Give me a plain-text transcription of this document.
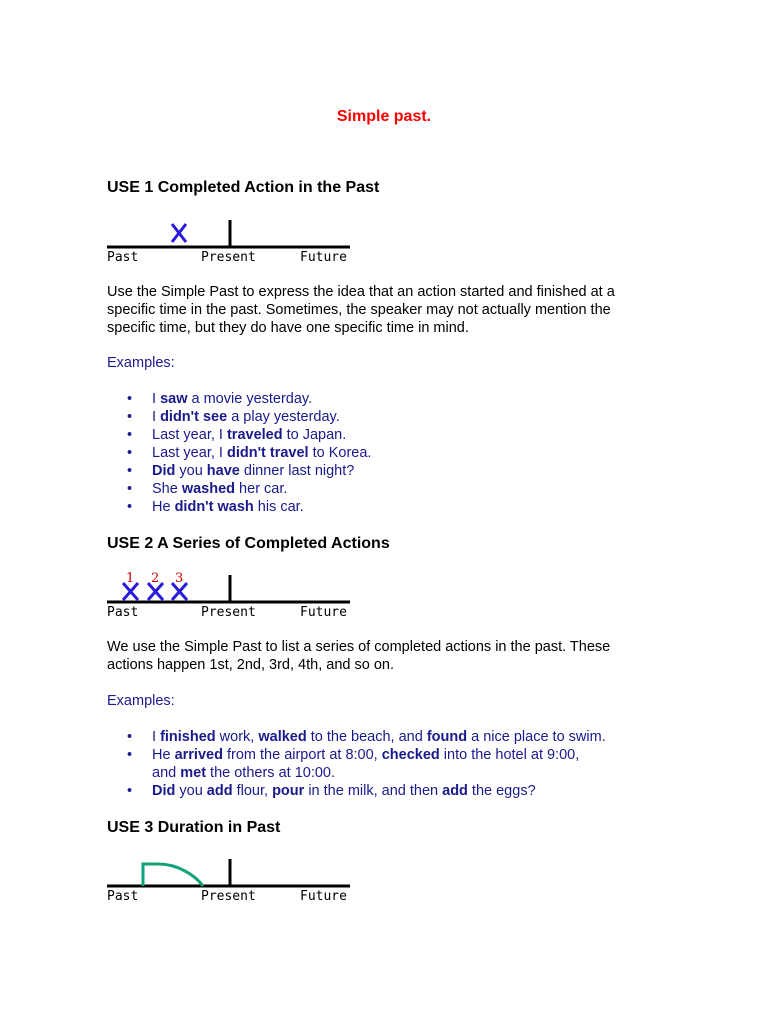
Simple past.
USE 1 Completed Action in the Past
Past	Present	Future

Use the Simple Past to express the idea that an action started and finished at a specific time in the past. Sometimes, the speaker may not actually mention the specific time, but they do have one specific time in mind.

Examples:
• I saw a movie yesterday.
• I didn't see a play yesterday.
• Last year, I traveled to Japan.
• Last year, I didn't travel to Korea.
• Did you have dinner last night?
• She washed her car.
• He didn't wash his car.
USE 2 A Series of Completed Actions
1 2 3
Past	Present	Future

We use the Simple Past to list a series of completed actions in the past. These actions happen 1st, 2nd, 3rd, 4th, and so on.

Examples:
• I finished work, walked to the beach, and found a nice place to swim.
• He arrived from the airport at 8:00, checked into the hotel at 9:00, and met the others at 10:00.
• Did you add flour, pour in the milk, and then add the eggs?
USE 3 Duration in Past
Past	Present	Future
